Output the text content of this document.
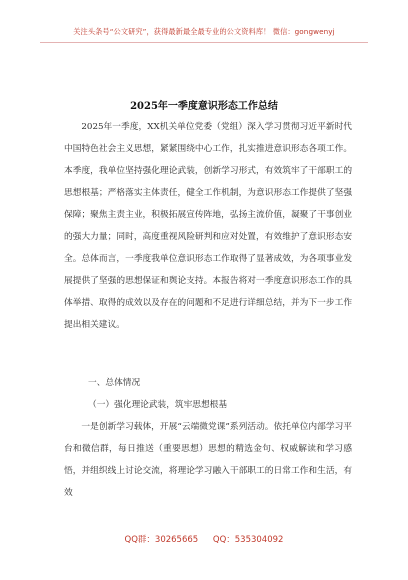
关注头条号“公文研究”，获得最新最全最专业的公文资料库！ 微信：gongwenyj
2025年一季度意识形态工作总结

2025年一季度，XX机关单位党委（党组）深入学习贯彻习近平新时代中国特色社会主义思想，紧紧围绕中心工作，扎实推进意识形态各项工作。本季度，我单位坚持强化理论武装，创新学习形式，有效筑牢了干部职工的思想根基；严格落实主体责任，健全工作机制，为意识形态工作提供了坚强保障；聚焦主责主业，积极拓展宣传阵地，弘扬主流价值，凝聚了干事创业的强大力量；同时，高度重视风险研判和应对处置，有效维护了意识形态安全。总体而言，一季度我单位意识形态工作取得了显著成效，为各项事业发展提供了坚强的思想保证和舆论支持。本报告将对一季度意识形态工作的具体举措、取得的成效以及存在的问题和不足进行详细总结，并为下一步工作提出相关建议。

一、总体情况

（一）强化理论武装，筑牢思想根基

一是创新学习载体，开展“云端微党课”系列活动。依托单位内部学习平台和微信群，每日推送（重要思想）思想的精选金句、权威解读和学习感悟，并组织线上讨论交流，将理论学习融入干部职工的日常工作和生活，有效

QQ群：30265665 QQ：535304092
